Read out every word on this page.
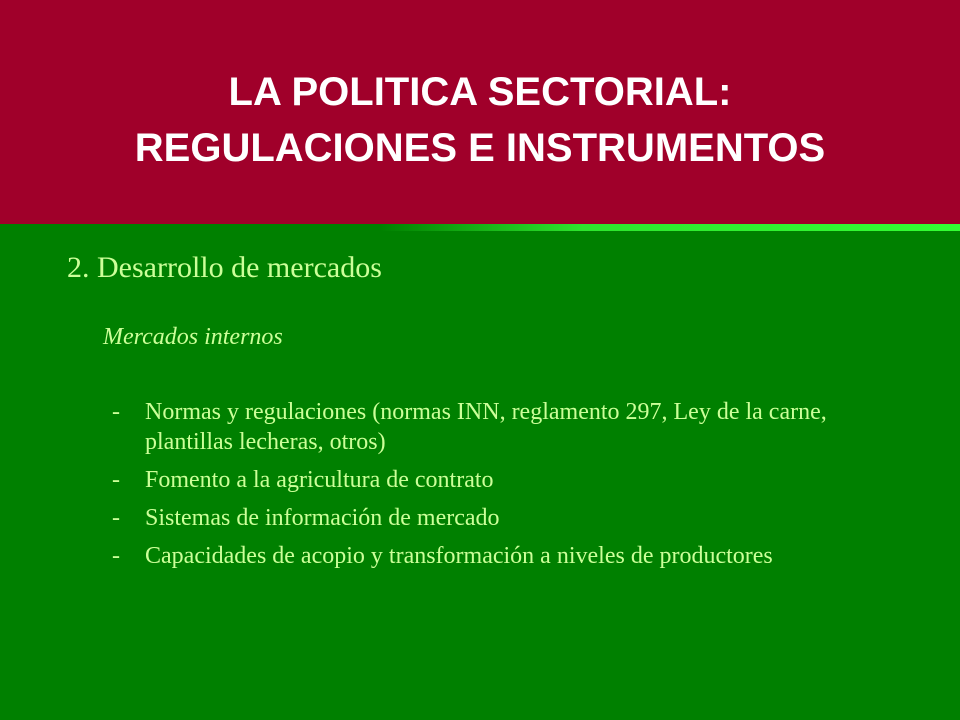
LA POLITICA SECTORIAL:
REGULACIONES E INSTRUMENTOS
2. Desarrollo de mercados

Mercados internos

- Normas y regulaciones (normas INN, reglamento 297, Ley de la carne, plantillas lecheras, otros)
- Fomento a la agricultura de contrato
- Sistemas de información de mercado
- Capacidades de acopio y transformación a niveles de productores
